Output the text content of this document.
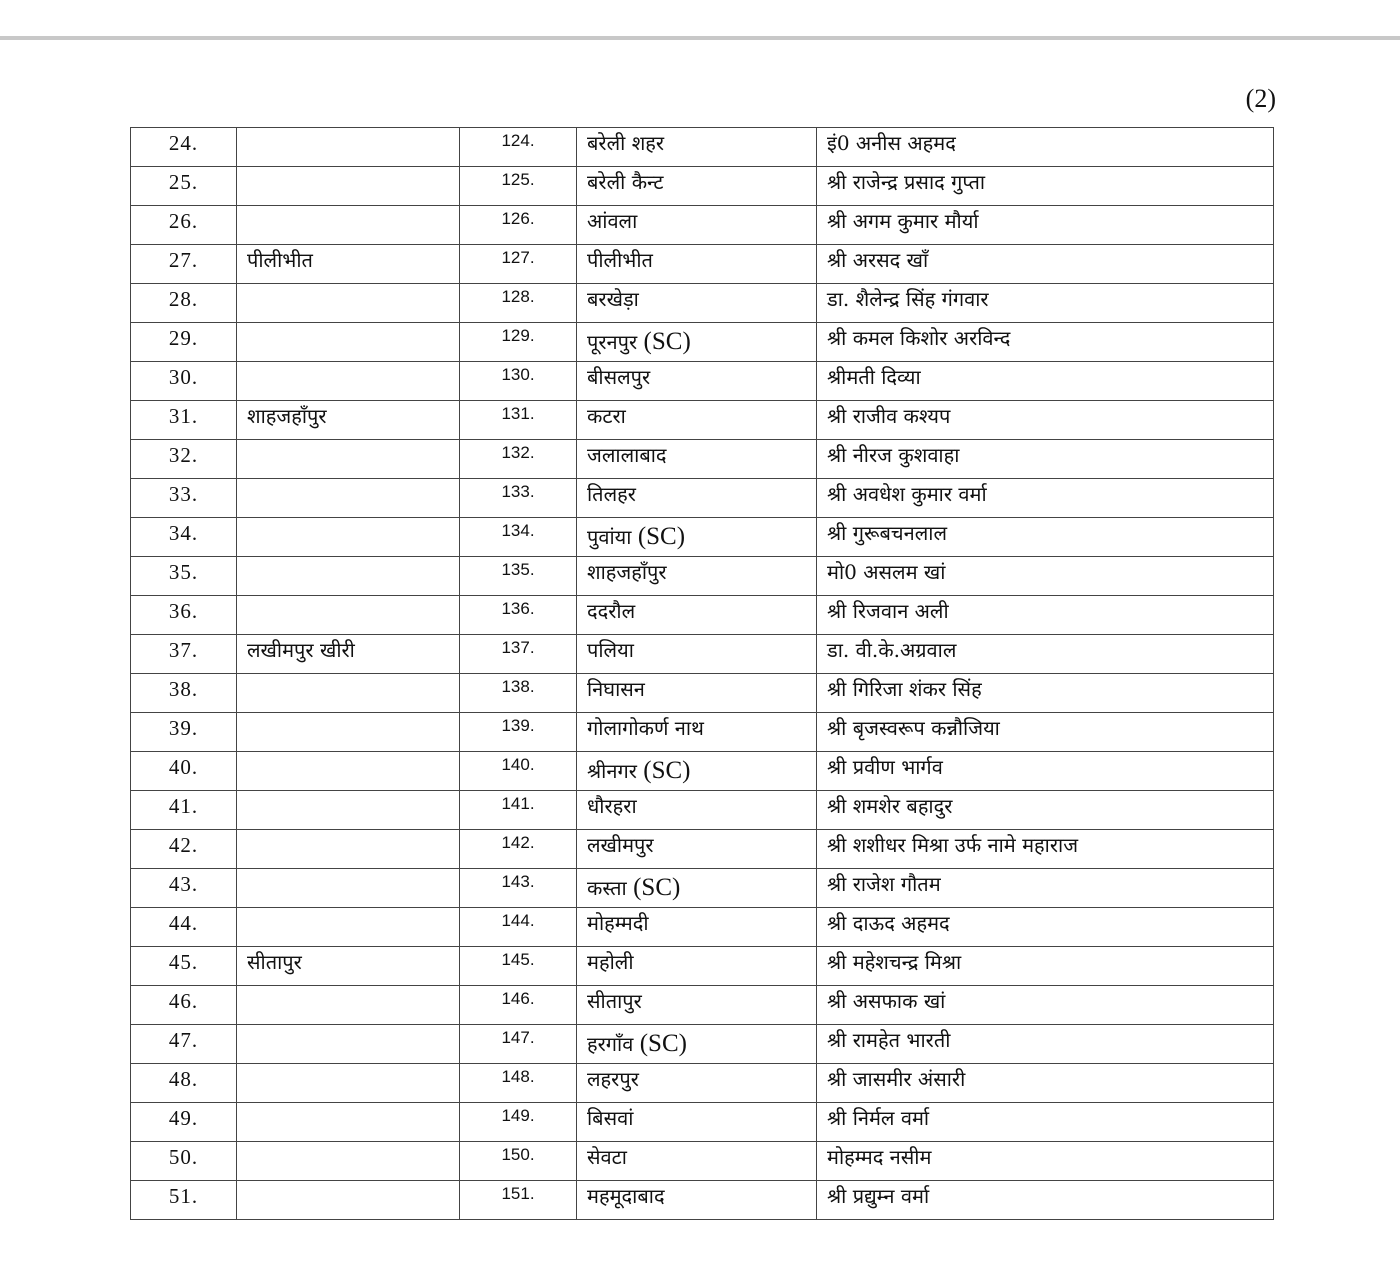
(2)
24.		124.	बरेली शहर	इं0 अनीस अहमद
25.		125.	बरेली कैन्ट	श्री राजेन्द्र प्रसाद गुप्ता
26.		126.	आंवला	श्री अगम कुमार मौर्या
27.	पीलीभीत	127.	पीलीभीत	श्री अरसद खाँ
28.		128.	बरखेड़ा	डा. शैलेन्द्र सिंह गंगवार
29.		129.	पूरनपुर (SC)	श्री कमल किशोर अरविन्द
30.		130.	बीसलपुर	श्रीमती दिव्या
31.	शाहजहाँपुर	131.	कटरा	श्री राजीव कश्यप
32.		132.	जलालाबाद	श्री नीरज कुशवाहा
33.		133.	तिलहर	श्री अवधेश कुमार वर्मा
34.		134.	पुवांया (SC)	श्री गुरूबचनलाल
35.		135.	शाहजहाँपुर	मो0 असलम खां
36.		136.	ददरौल	श्री रिजवान अली
37.	लखीमपुर खीरी	137.	पलिया	डा. वी.के.अग्रवाल
38.		138.	निघासन	श्री गिरिजा शंकर सिंह
39.		139.	गोलागोकर्ण नाथ	श्री बृजस्वरूप कन्नौजिया
40.		140.	श्रीनगर (SC)	श्री प्रवीण भार्गव
41.		141.	धौरहरा	श्री शमशेर बहादुर
42.		142.	लखीमपुर	श्री शशीधर मिश्रा उर्फ नामे महाराज
43.		143.	कस्ता (SC)	श्री राजेश गौतम
44.		144.	मोहम्मदी	श्री दाऊद अहमद
45.	सीतापुर	145.	महोली	श्री महेशचन्द्र मिश्रा
46.		146.	सीतापुर	श्री असफाक खां
47.		147.	हरगाँव (SC)	श्री रामहेत भारती
48.		148.	लहरपुर	श्री जासमीर अंसारी
49.		149.	बिसवां	श्री निर्मल वर्मा
50.		150.	सेवटा	मोहम्मद नसीम
51.		151.	महमूदाबाद	श्री प्रद्युम्न वर्मा
